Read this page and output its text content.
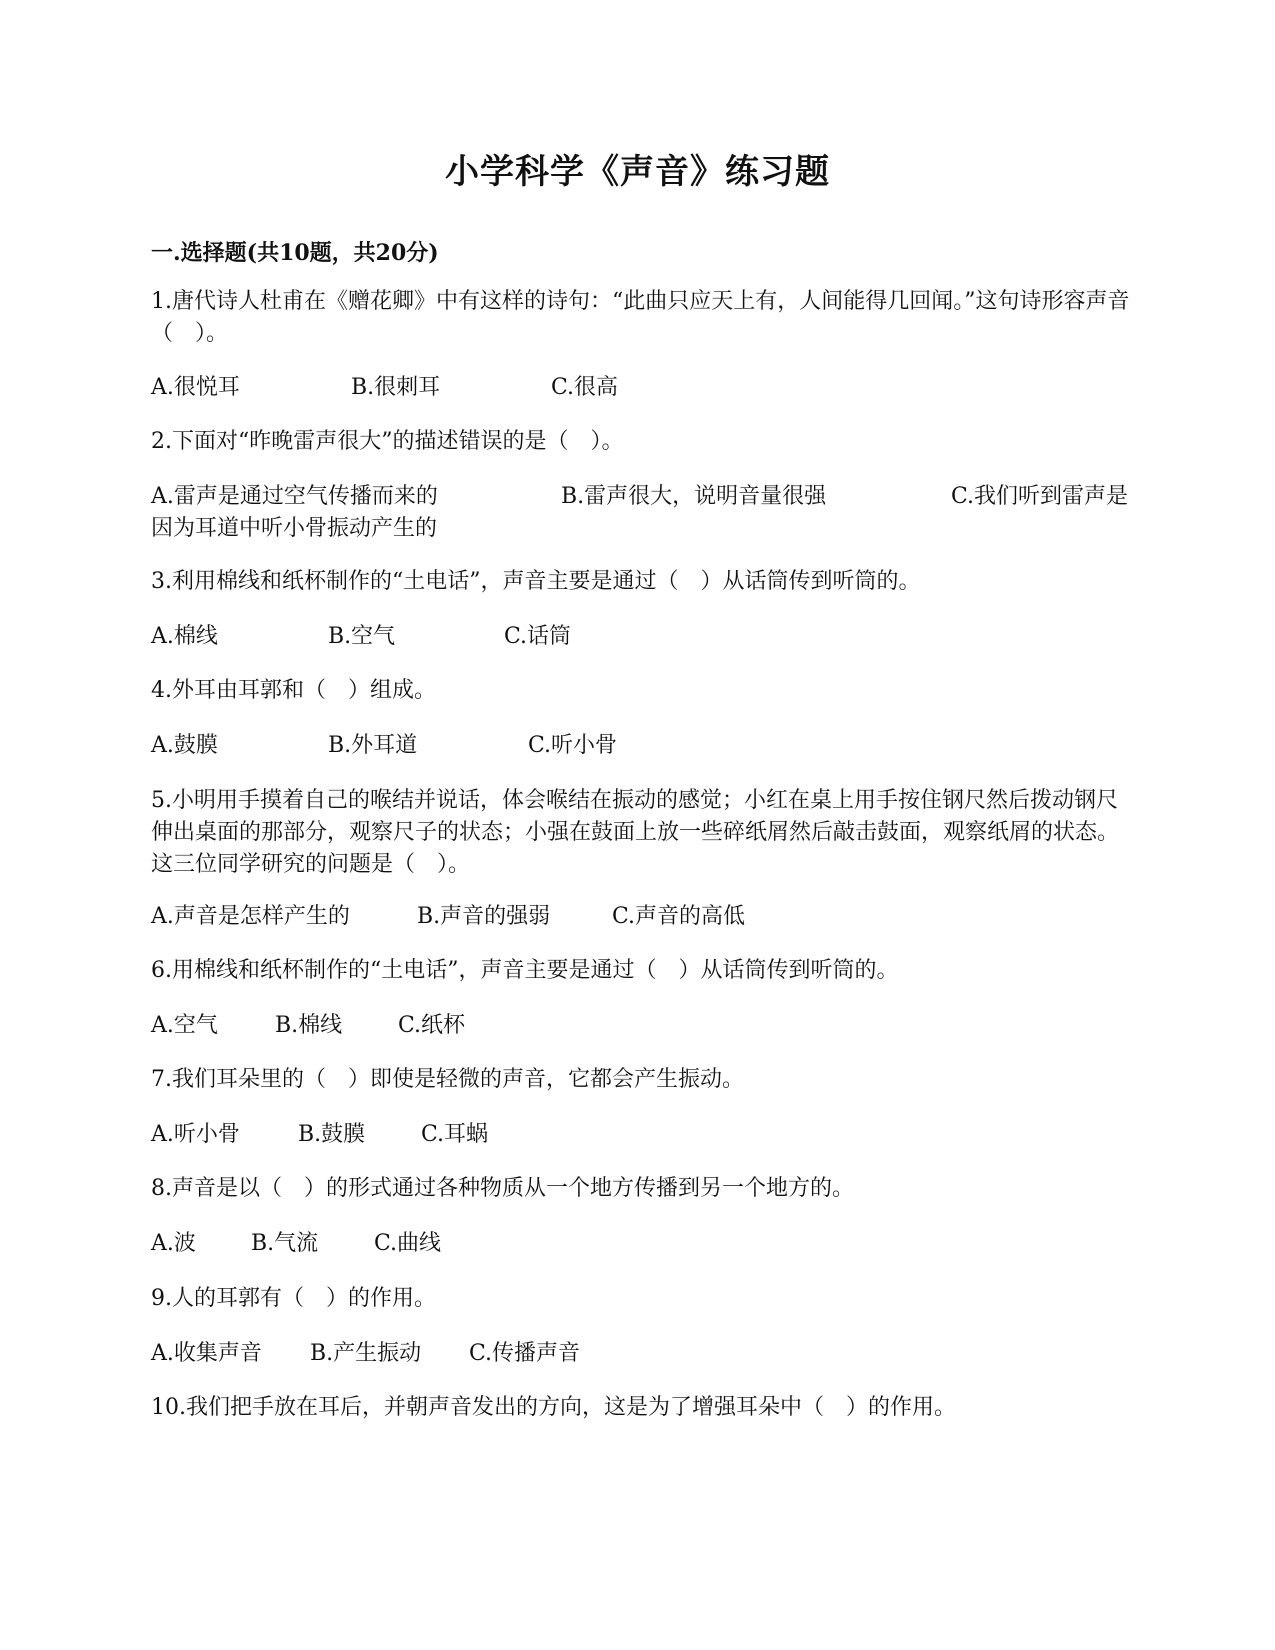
小学科学《声音》练习题
一.选择题(共10题，共20分)
1.唐代诗人杜甫在《赠花卿》中有这样的诗句：“此曲只应天上有，人间能得几回闻。”这句诗形容声音（　）。
A.很悦耳	B.很刺耳	C.很高
2.下面对“昨晚雷声很大”的描述错误的是（　）。
A.雷声是通过空气传播而来的	B.雷声很大，说明音量很强	C.我们听到雷声是因为耳道中听小骨振动产生的
3.利用棉线和纸杯制作的“土电话”，声音主要是通过（　）从话筒传到听筒的。
A.棉线	B.空气	C.话筒
4.外耳由耳郭和（　）组成。
A.鼓膜	B.外耳道	C.听小骨
5.小明用手摸着自己的喉结并说话，体会喉结在振动的感觉；小红在桌上用手按住钢尺然后拨动钢尺伸出桌面的那部分，观察尺子的状态；小强在鼓面上放一些碎纸屑然后敲击鼓面，观察纸屑的状态。这三位同学研究的问题是（　）。
A.声音是怎样产生的	B.声音的强弱	C.声音的高低
6.用棉线和纸杯制作的“土电话”，声音主要是通过（　）从话筒传到听筒的。
A.空气	B.棉线	C.纸杯
7.我们耳朵里的（　）即使是轻微的声音，它都会产生振动。
A.听小骨	B.鼓膜	C.耳蜗
8.声音是以（　）的形式通过各种物质从一个地方传播到另一个地方的。
A.波	B.气流	C.曲线
9.人的耳郭有（　）的作用。
A.收集声音 B.产生振动 C.传播声音
10.我们把手放在耳后，并朝声音发出的方向，这是为了增强耳朵中（　）的作用。
